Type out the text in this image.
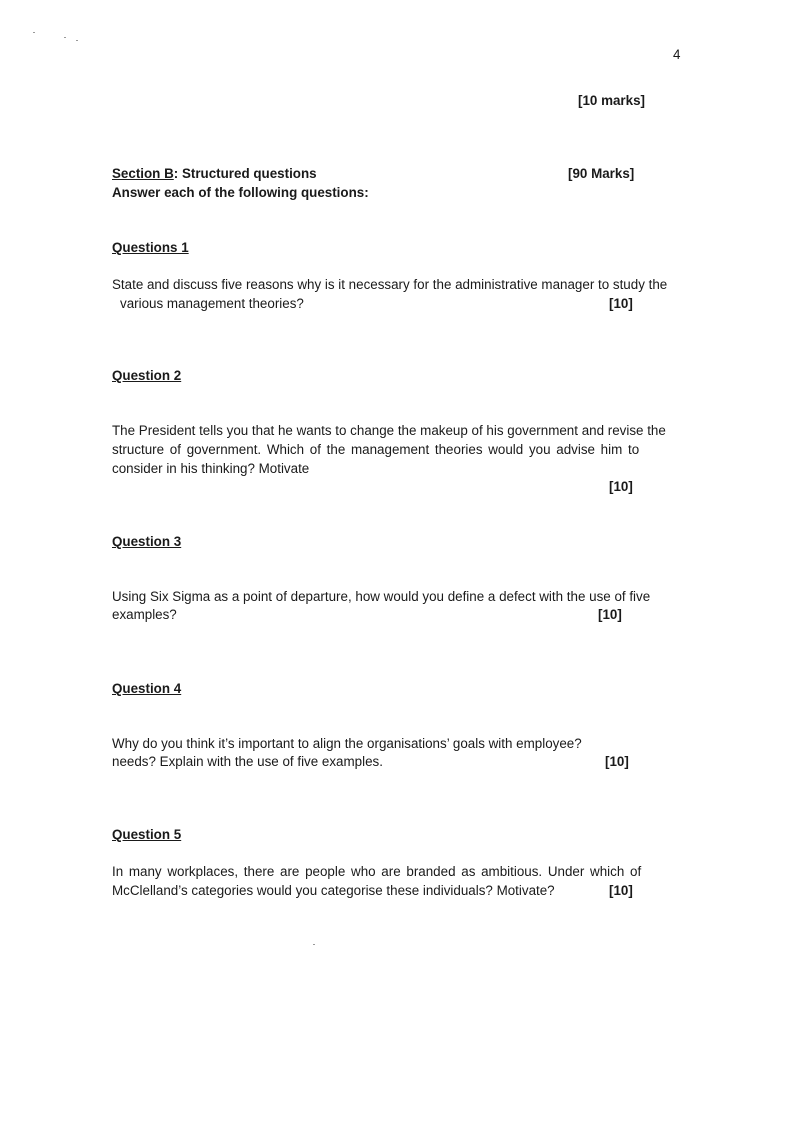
4
[10 marks]
Section B: Structured questions	[90 Marks]
Answer each of the following questions:
Questions 1
State and discuss five reasons why is it necessary for the administrative manager to study the
various management theories?	[10]
Question 2
The President tells you that he wants to change the makeup of his government and revise the
structure of government. Which of the management theories would you advise him to
consider in his thinking? Motivate
[10]
Question 3
Using Six Sigma as a point of departure, how would you define a defect with the use of five
examples?	[10]
Question 4
Why do you think it’s important to align the organisations’ goals with employee?
needs? Explain with the use of five examples.	[10]
Question 5
In many workplaces, there are people who are branded as ambitious. Under which of
McClelland’s categories would you categorise these individuals? Motivate?	[10]
